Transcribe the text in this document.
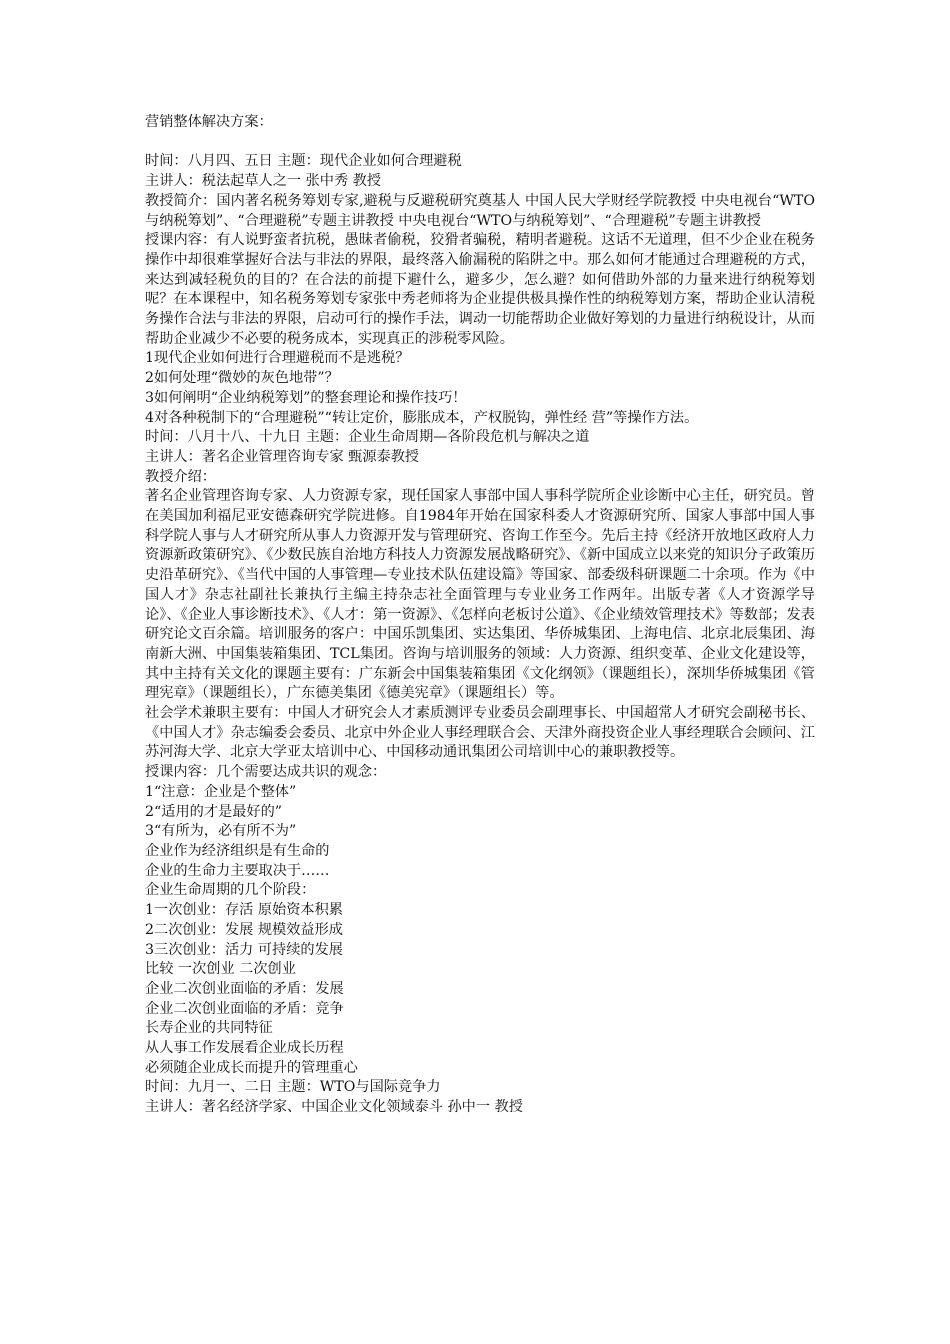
营销整体解决方案：

时间：八月四、五日 主题：现代企业如何合理避税

主讲人：税法起草人之一 张中秀 教授

教授简介：国内著名税务筹划专家,避税与反避税研究奠基人 中国人民大学财经学院教授 中央电视台“WTO与纳税筹划”、“合理避税”专题主讲教授 中央电视台“WTO与纳税筹划”、“合理避税”专题主讲教授

授课内容：有人说野蛮者抗税，愚昧者偷税，狡猾者骗税，精明者避税。这话不无道理，但不少企业在税务操作中却很难掌握好合法与非法的界限，最终落入偷漏税的陷阱之中。那么如何才能通过合理避税的方式，来达到减轻税负的目的？在合法的前提下避什么，避多少，怎么避？如何借助外部的力量来进行纳税筹划呢？在本课程中，知名税务筹划专家张中秀老师将为企业提供极具操作性的纳税筹划方案，帮助企业认清税务操作合法与非法的界限，启动可行的操作手法，调动一切能帮助企业做好筹划的力量进行纳税设计，从而帮助企业减少不必要的税务成本，实现真正的涉税零风险。

1现代企业如何进行合理避税而不是逃税？

2如何处理“微妙的灰色地带”？

3如何阐明“企业纳税筹划”的整套理论和操作技巧！

4对各种税制下的“合理避税”“转让定价，膨胀成本，产权脱钩，弹性经 营”等操作方法。

时间：八月十八、十九日 主题：企业生命周期—各阶段危机与解决之道

主讲人：著名企业管理咨询专家 甄源泰教授

教授介绍：

著名企业管理咨询专家、人力资源专家，现任国家人事部中国人事科学院所企业诊断中心主任，研究员。曾在美国加利福尼亚安德森研究学院进修。自1984年开始在国家科委人才资源研究所、国家人事部中国人事科学院人事与人才研究所从事人力资源开发与管理研究、咨询工作至今。先后主持《经济开放地区政府人力资源新政策研究》、《少数民族自治地方科技人力资源发展战略研究》、《新中国成立以来党的知识分子政策历史沿革研究》、《当代中国的人事管理—专业技术队伍建设篇》等国家、部委级科研课题二十余项。作为《中国人才》杂志社副社长兼执行主编主持杂志社全面管理与专业业务工作两年。出版专著《人才资源学导论》、《企业人事诊断技术》、《人才：第一资源》、《怎样向老板讨公道》、《企业绩效管理技术》等数部；发表研究论文百余篇。培训服务的客户：中国乐凯集团、实达集团、华侨城集团、上海电信、北京北辰集团、海南新大洲、中国集装箱集团、TCL集团。咨询与培训服务的领域：人力资源、组织变革、企业文化建设等，其中主持有关文化的课题主要有：广东新会中国集装箱集团《文化纲领》（课题组长），深圳华侨城集团《管理宪章》（课题组长），广东德美集团《德美宪章》（课题组长）等。

社会学术兼职主要有：中国人才研究会人才素质测评专业委员会副理事长、中国超常人才研究会副秘书长、《中国人才》杂志编委会委员、北京中外企业人事经理联合会、天津外商投资企业人事经理联合会顾问、江苏河海大学、北京大学亚太培训中心、中国移动通讯集团公司培训中心的兼职教授等。

授课内容：几个需要达成共识的观念：

1“注意：企业是个整体”

2“适用的才是最好的”

3“有所为，必有所不为”

企业作为经济组织是有生命的

企业的生命力主要取决于……

企业生命周期的几个阶段：

1一次创业：存活 原始资本积累

2二次创业：发展 规模效益形成

3三次创业：活力 可持续的发展

比较 一次创业 二次创业

企业二次创业面临的矛盾：发展

企业二次创业面临的矛盾：竞争

长寿企业的共同特征

从人事工作发展看企业成长历程

必须随企业成长而提升的管理重心

时间：九月一、二日 主题：WTO与国际竞争力

主讲人：著名经济学家、中国企业文化领域泰斗 孙中一 教授
